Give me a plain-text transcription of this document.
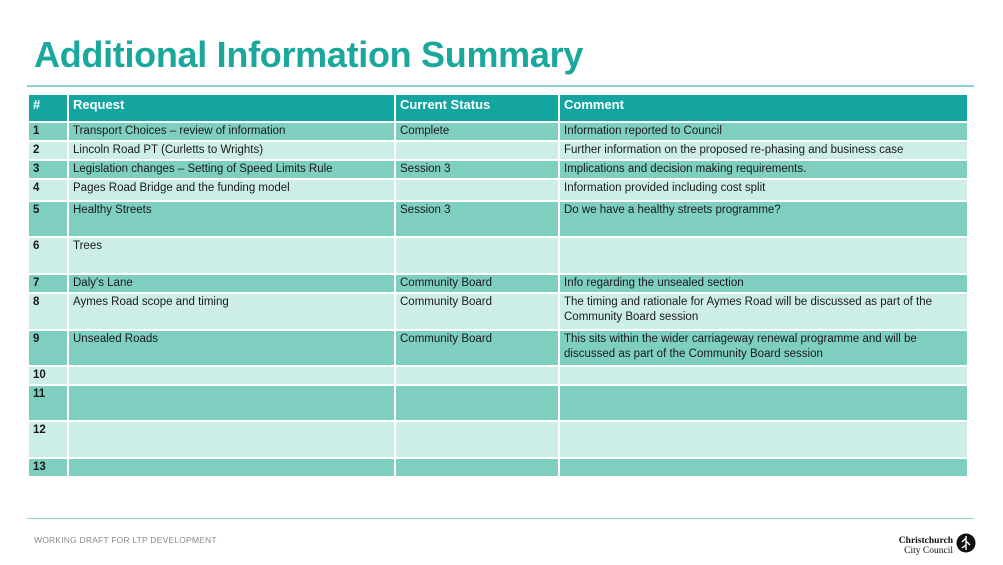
Additional Information Summary
#	Request	Current Status	Comment
1	Transport Choices – review of information	Complete	Information reported to Council
2	Lincoln Road PT (Curletts to Wrights)		Further information on the proposed re-phasing and business case
3	Legislation changes – Setting of Speed Limits Rule	Session 3	Implications and decision making requirements.
4	Pages Road Bridge and the funding model		Information provided including cost split
5	Healthy Streets	Session 3	Do we have a healthy streets programme?
6	Trees		
7	Daly's Lane	Community Board	Info regarding the unsealed section
8	Aymes Road scope and timing	Community Board	The timing and rationale for Aymes Road will be discussed as part of the Community Board session
9	Unsealed Roads	Community Board	This sits within the wider carriageway renewal programme and will be discussed as part of the Community Board session
10			
11			
12			
13			
WORKING DRAFT FOR LTP DEVELOPMENT	Christchurch
City Council
